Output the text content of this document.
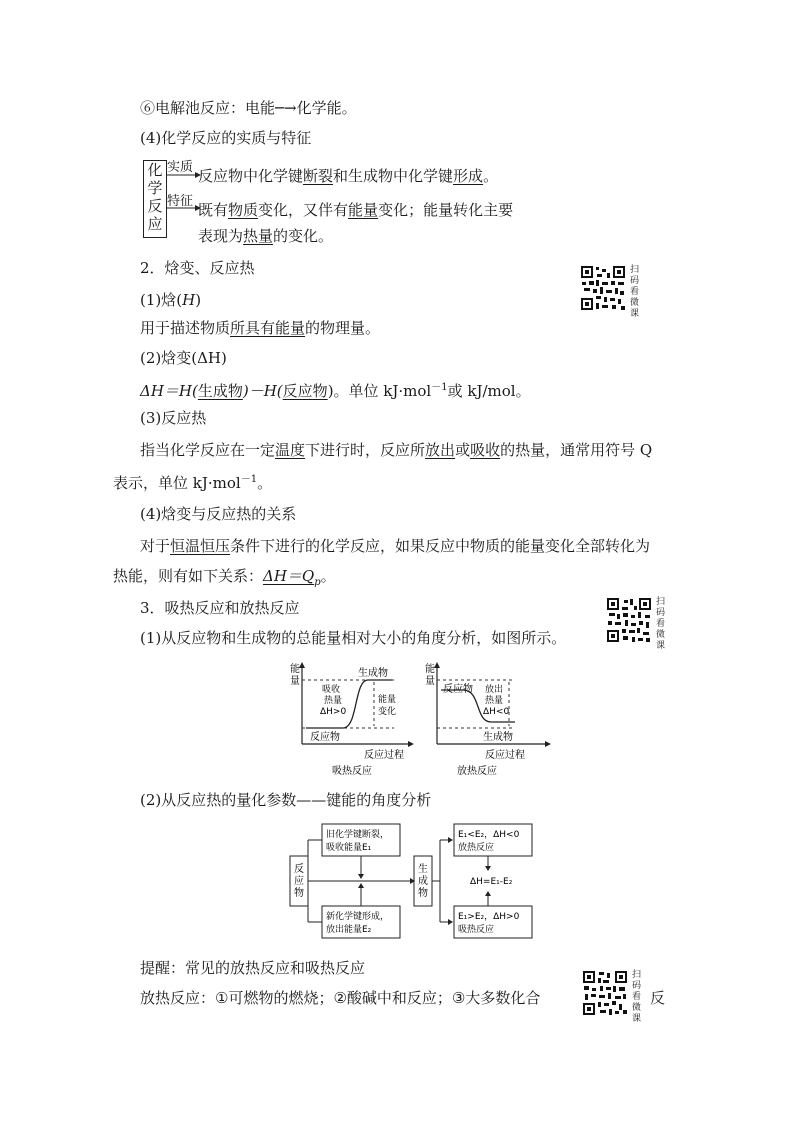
⑥电解池反应：电能─→化学能。
(4)化学反应的实质与特征
化
学
反
应
实质
特征
反应物中化学键断裂和生成物中化学键形成。
既有物质变化，又伴有能量变化；能量转化主要
表现为热量的变化。
2．焓变、反应热	扫
码
看
微
课
(1)焓(H)
用于描述物质所具有能量的物理量。
(2)焓变(ΔH)
ΔH＝H(生成物)－H(反应物)。单位 kJ·mol$^{-1}$或 kJ/mol。
(3)反应热
指当化学反应在一定温度下进行时，反应所放出或吸收的热量，通常用符号 Q
表示，单位 kJ·mol$^{-1}$。
(4)焓变与反应热的关系
对于恒温恒压条件下进行的化学反应，如果反应中物质的能量变化全部转化为
热能，则有如下关系：$\Delta H=Q_p$。
3．吸热反应和放热反应	扫
码
看
微
课
(1)从反应物和生成物的总能量相对大小的角度分析，如图所示。
能
量
生成物
吸收
热量
ΔH>0
能量
变化
反应物
反应过程
吸热反应
能
量
反应物 放出
热量
ΔH<0
生成物
反应过程
放热反应
(2)从反应热的量化参数——键能的角度分析
反
应
物
旧化学键断裂，
吸收能量E₁
新化学键形成，
放出能量E₂
生
成
物
E₁<E₂，ΔH<0
放热反应
E₁>E₂，ΔH>0
吸热反应
ΔH=E₁-E₂
提醒：常见的放热反应和吸热反应
放热反应：①可燃物的燃烧；②酸碱中和反应；③大多数化合
扫
码
看
微
课
反
